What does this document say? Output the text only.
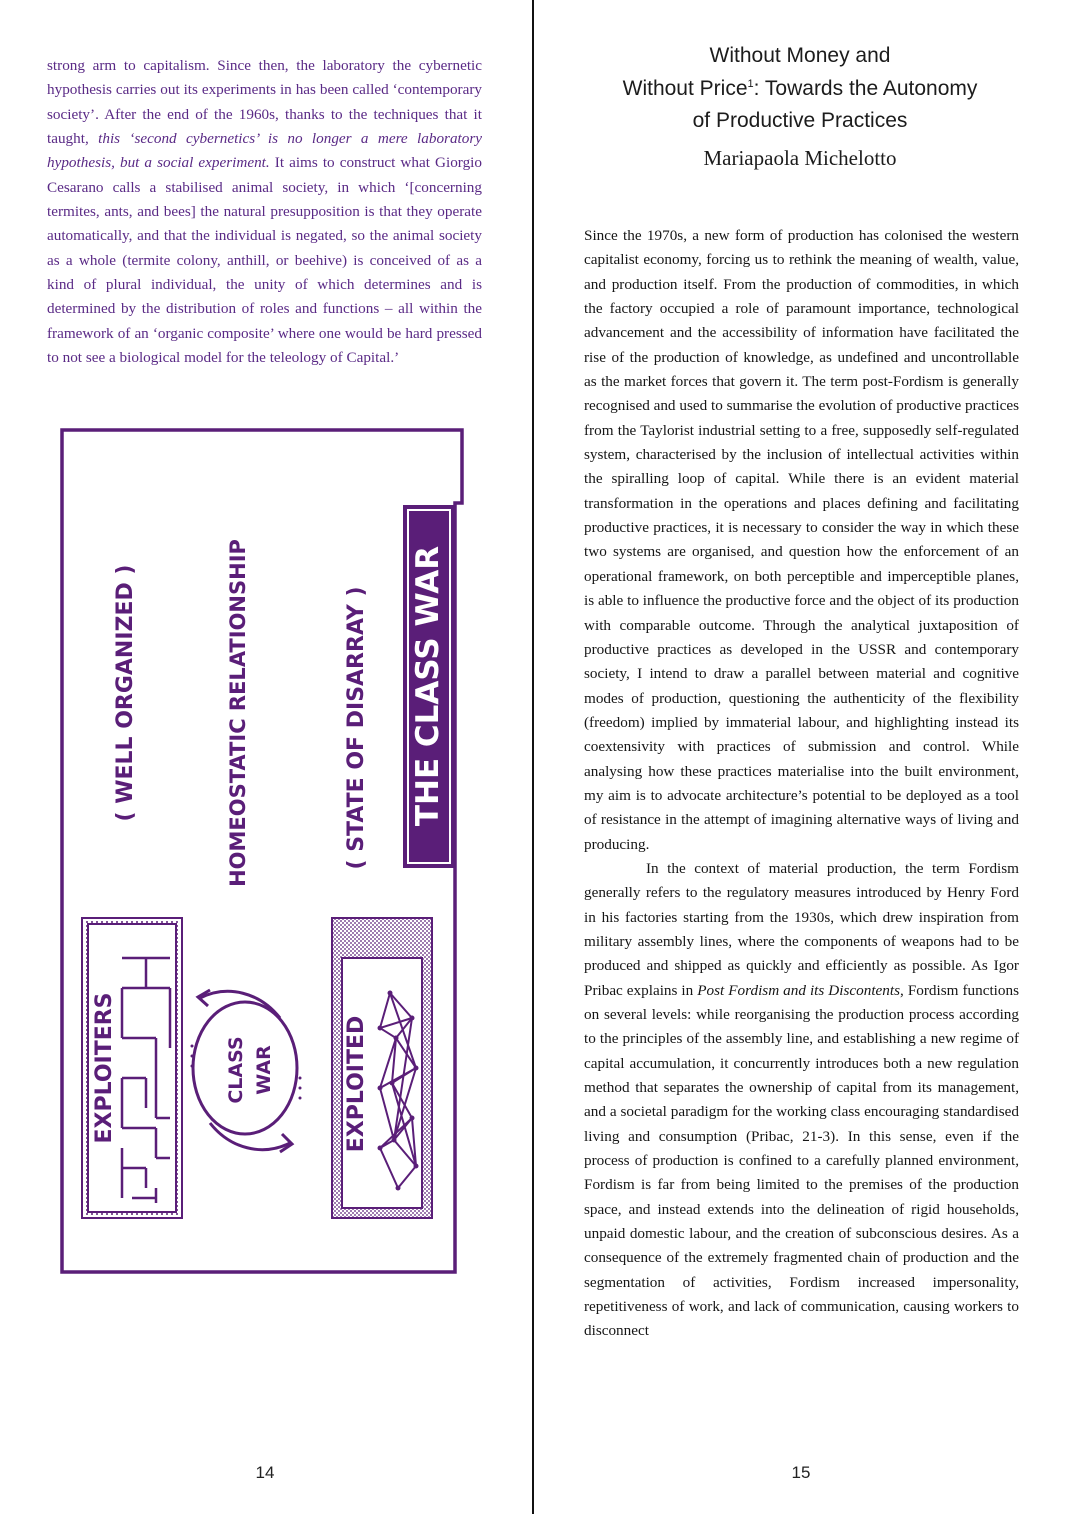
strong arm to capitalism. Since then, the laboratory the cybernetic hypothesis carries out its experiments in has been called ‘contemporary society’. After the end of the 1960s, thanks to the techniques that it taught, this ‘second cybernetics’ is no longer a mere laboratory hypothesis, but a social experiment. It aims to construct what Giorgio Cesarano calls a stabilised animal society, in which ‘[concerning termites, ants, and bees] the natural presupposition is that they operate automatically, and that the individual is negated, so the animal society as a whole (termite colony, anthill, or beehive) is conceived of as a kind of plural individual, the unity of which determines and is determined by the distribution of roles and functions – all within the framework of an ‘organic composite’ where one would be hard pressed to not see a biological model for the teleology of Capital.’

( WELL ORGANIZED )	HOMEOSTATIC RELATIONSHIP	( STATE OF DISARRAY ) THE CLASS WAR
EXPLOITERS	CLASS WAR	EXPLOITED
14
Without Money and
Without Price$^1$: Towards the Autonomy
of Productive Practices
Mariapaola Michelotto

Since the 1970s, a new form of production has colonised the western capitalist economy, forcing us to rethink the meaning of wealth, value, and production itself. From the production of commodities, in which the factory occupied a role of paramount importance, technological advancement and the accessibility of information have facilitated the rise of the production of knowledge, as undefined and uncontrollable as the market forces that govern it. The term post-Fordism is generally recognised and used to summarise the evolution of productive practices from the Taylorist industrial setting to a free, supposedly self-regulated system, characterised by the inclusion of intellectual activities within the spiralling loop of capital. While there is an evident material transformation in the operations and places defining and facilitating productive practices, it is necessary to consider the way in which these two systems are organised, and question how the enforcement of an operational framework, on both perceptible and imperceptible planes, is able to influence the productive force and the object of its production with comparable outcome. Through the analytical juxtaposition of productive practices as developed in the USSR and contemporary society, I intend to draw a parallel between material and cognitive modes of production, questioning the authenticity of the flexibility (freedom) implied by immaterial labour, and highlighting instead its coextensivity with practices of submission and control. While analysing how these practices materialise into the built environment, my aim is to advocate architecture’s potential to be deployed as a tool of resistance in the attempt of imagining alternative ways of living and producing.

In the context of material production, the term Fordism generally refers to the regulatory measures introduced by Henry Ford in his factories starting from the 1930s, which drew inspiration from military assembly lines, where the components of weapons had to be produced and shipped as quickly and efficiently as possible. As Igor Pribac explains in Post Fordism and its Discontents, Fordism functions on several levels: while reorganising the production process according to the principles of the assembly line, and establishing a new regime of capital accumulation, it concurrently introduces both a new regulation method that separates the ownership of capital from its management, and a societal paradigm for the working class encouraging standardised living and consumption (Pribac, 21-3). In this sense, even if the process of production is confined to a carefully planned environment, Fordism is far from being limited to the premises of the production space, and instead extends into the delineation of rigid households, unpaid domestic labour, and the creation of subconscious desires. As a consequence of the extremely fragmented chain of production and the segmentation of activities, Fordism increased impersonality, repetitiveness of work, and lack of communication, causing workers to disconnect

15
